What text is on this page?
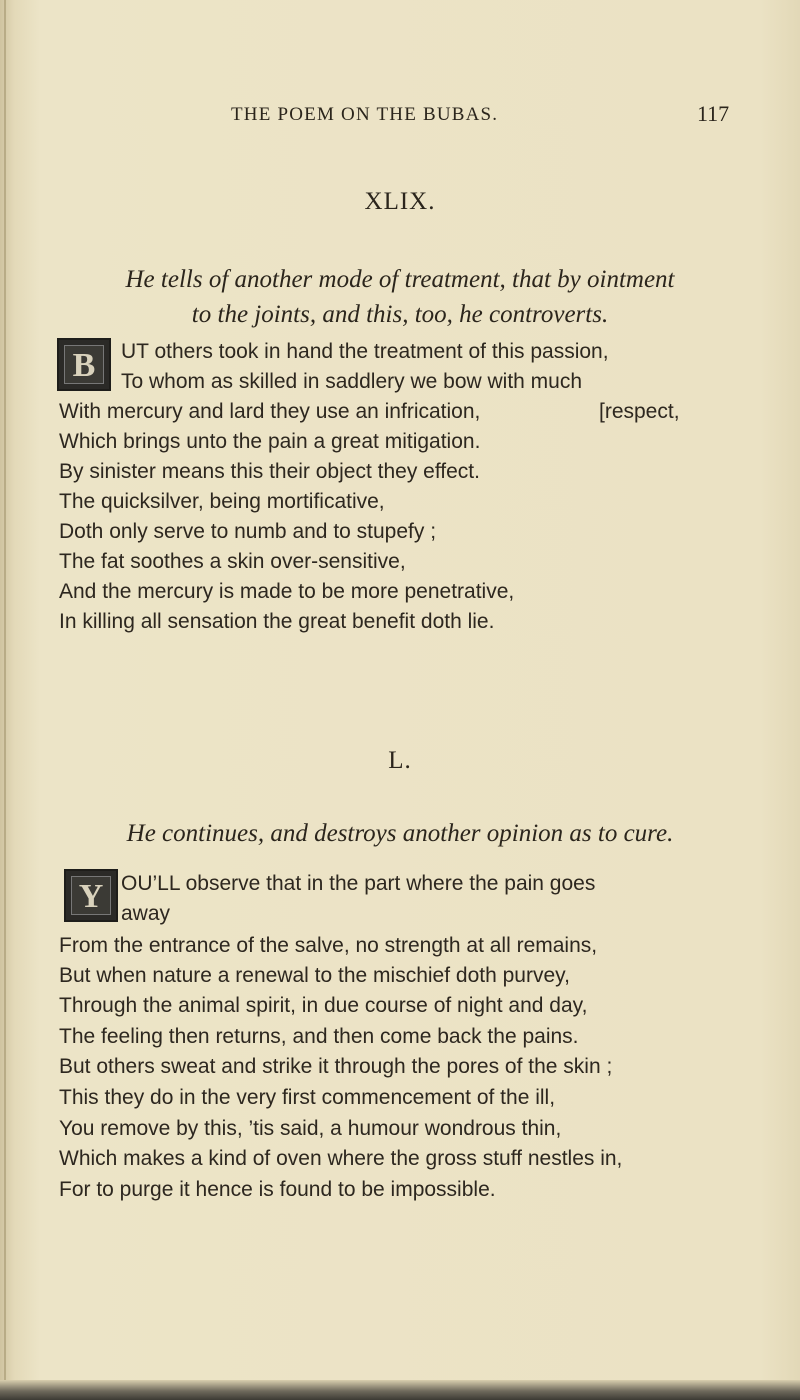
THE POEM ON THE BUBAS.	117
XLIX.
He tells of another mode of treatment, that by ointment
to the joints, and this, too, he controverts.
B	UT others took in hand the treatment of this passion,
To whom as skilled in saddlery we bow with much
With mercury and lard they use an infrication,	[respect,
Which brings unto the pain a great mitigation.
By sinister means this their object they effect.
The quicksilver, being mortificative,
Doth only serve to numb and to stupefy ;
The fat soothes a skin over-sensitive,
And the mercury is made to be more penetrative,
In killing all sensation the great benefit doth lie.
L.
He continues, and destroys another opinion as to cure.
Y OU’LL observe that in the part where the pain goes
away
From the entrance of the salve, no strength at all remains,
But when nature a renewal to the mischief doth purvey,
Through the animal spirit, in due course of night and day,
The feeling then returns, and then come back the pains.
But others sweat and strike it through the pores of the skin ;
This they do in the very first commencement of the ill,
You remove by this, ’tis said, a humour wondrous thin,
Which makes a kind of oven where the gross stuff nestles in,
For to purge it hence is found to be impossible.
